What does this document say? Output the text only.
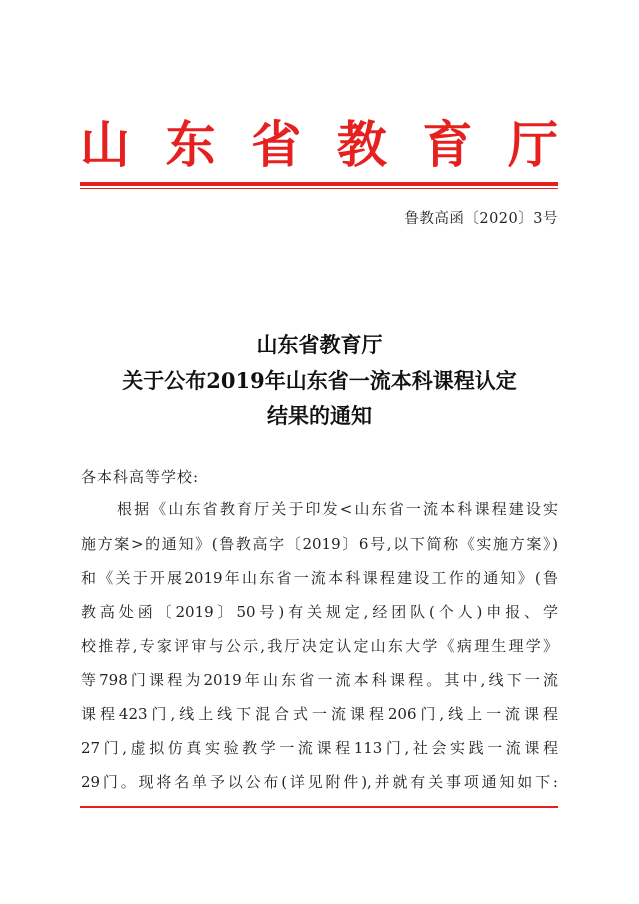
山 东 省 教 育 厅
鲁教高函〔2020〕3号
山东省教育厅
关于公布2019年山东省一流本科课程认定
结果的通知
各本科高等学校:
根据《山东省教育厅关于印发<山东省一流本科课程建设实
施方案>的通知》(鲁教高字〔2019〕6号,以下简称《实施方案》)
和《关于开展2019年山东省一流本科课程建设工作的通知》(鲁
教高处函〔2019〕50号)有关规定,经团队(个人)申报、学
校推荐,专家评审与公示,我厅决定认定山东大学《病理生理学》
等798门课程为2019年山东省一流本科课程。其中,线下一流
课程423门,线上线下混合式一流课程206门,线上一流课程
27门,虚拟仿真实验教学一流课程113门,社会实践一流课程
29门。现将名单予以公布(详见附件),并就有关事项通知如下:
